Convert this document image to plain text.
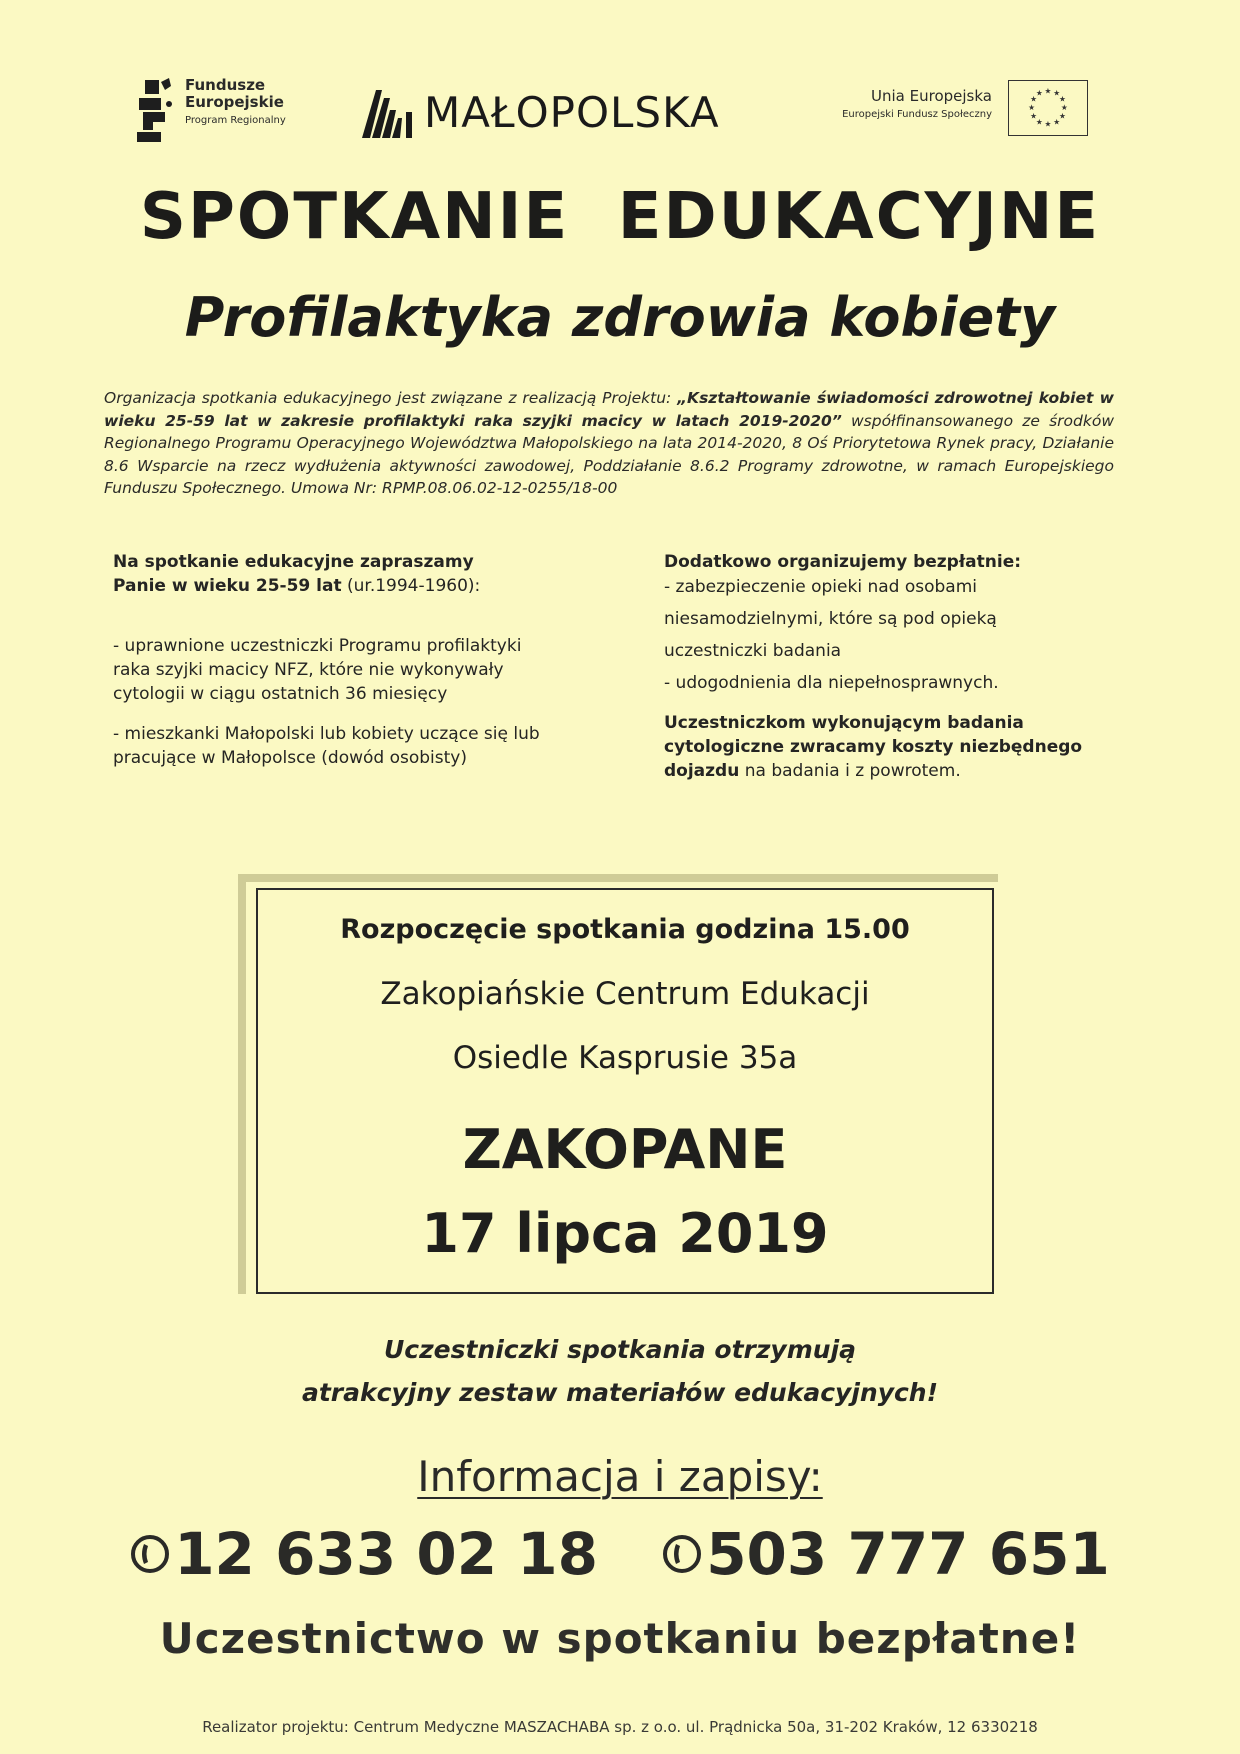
Fundusze
Europejskie
Program Regionalny	MAŁOPOLSKA	Unia Europejska
Europejski Fundusz Społeczny
★ ★
★
★
★
★
★
★
★
★
★
★
SPOTKANIE  EDUKACYJNE
Profilaktyka zdrowia kobiety
Organizacja spotkania edukacyjnego jest związane z realizacją Projektu: „Kształtowanie świadomości zdrowotnej kobiet w wieku 25-59 lat w zakresie profilaktyki raka szyjki macicy w latach 2019-2020” współfinansowanego ze środków Regionalnego Programu Operacyjnego Województwa Małopolskiego na lata 2014-2020, 8 Oś Priorytetowa Rynek pracy, Działanie 8.6 Wsparcie na rzecz wydłużenia aktywności zawodowej, Poddziałanie 8.6.2 Programy zdrowotne, w ramach Europejskiego Funduszu Społecznego. Umowa Nr: RPMP.08.06.02-12-0255/18-00

Na spotkanie edukacyjne zapraszamy

Panie w wieku 25-59 lat (ur.1994-1960):

- uprawnione uczestniczki Programu profilaktyki raka szyjki macicy NFZ, które nie wykonywały cytologii w ciągu ostatnich 36 miesięcy

- mieszkanki Małopolski lub kobiety uczące się lub pracujące w Małopolsce (dowód osobisty)

Dodatkowo organizujemy bezpłatnie:

- zabezpieczenie opieki nad osobami niesamodzielnymi, które są pod opieką uczestniczki badania

- udogodnienia dla niepełnosprawnych.

Uczestniczkom wykonującym badania cytologiczne zwracamy koszty niezbędnego dojazdu na badania i z powrotem.

Rozpoczęcie spotkania godzina 15.00
Zakopiańskie Centrum Edukacji
Osiedle Kasprusie 35a
ZAKOPANE
17 lipca 2019
Uczestniczki spotkania otrzymują
atrakcyjny zestaw materiałów edukacyjnych!
Informacja i zapisy:
12 633 02 18 503 777 651
Uczestnictwo w spotkaniu bezpłatne!
Realizator projektu: Centrum Medyczne MASZACHABA sp. z o.o. ul. Prądnicka 50a, 31-202 Kraków, 12 6330218
